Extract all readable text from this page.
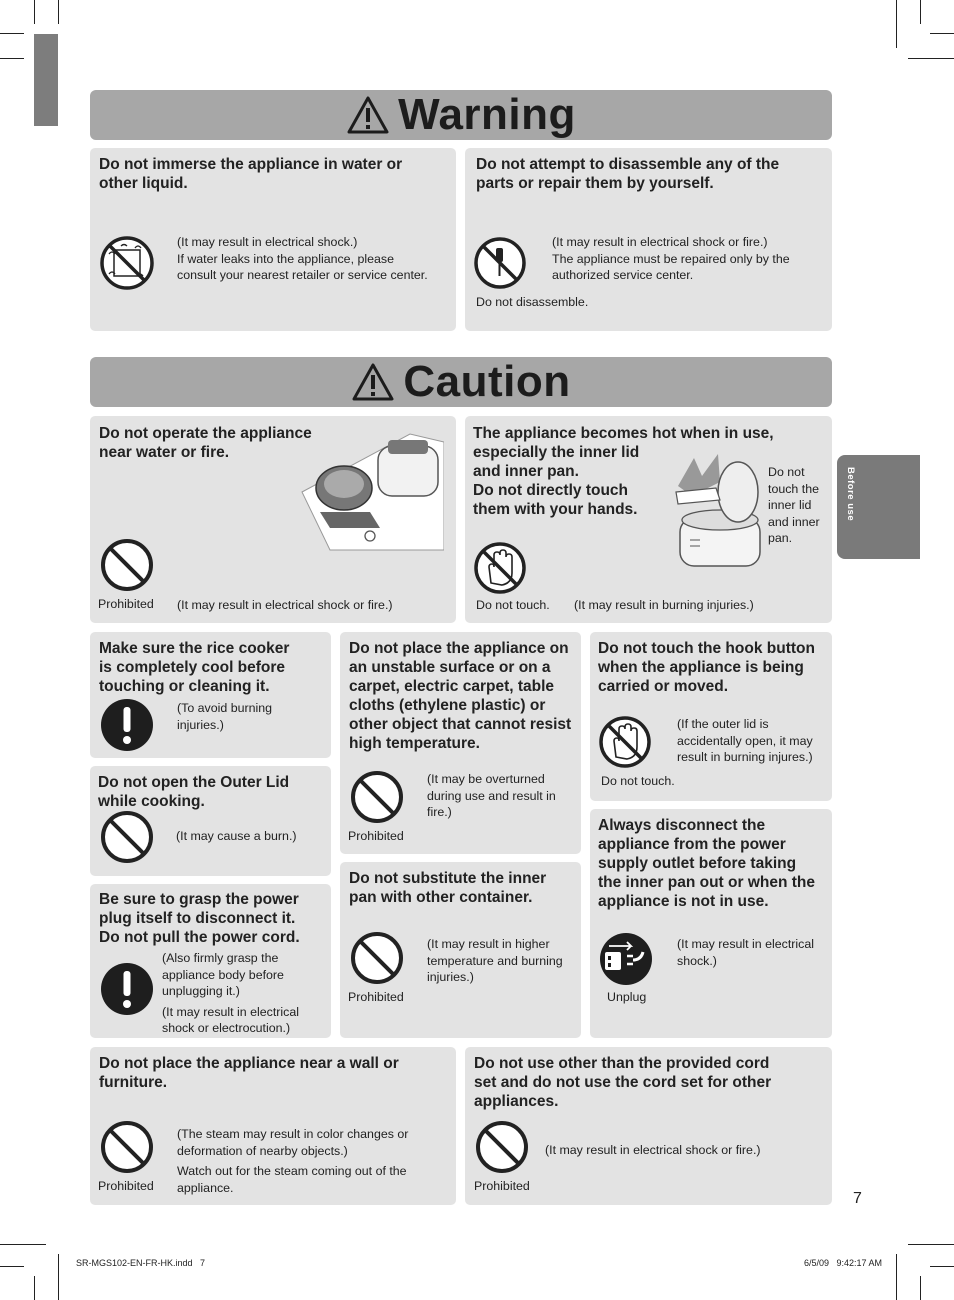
Before use
Warning
Do not immerse the appliance in water or
other liquid.
(It may result in electrical shock.)
If water leaks into the appliance, please
consult your nearest retailer or service center.
Do not attempt to disassemble any of the
parts or repair them by yourself.
(It may result in electrical shock or fire.)
The appliance must be repaired only by the
authorized service center.
Do not disassemble.
Caution
Do not operate the appliance
near water or fire.
Prohibited (It may result in electrical shock or fire.)
The appliance becomes hot when in use,
especially the inner lid
and inner pan.
Do not directly touch
them with your hands.
Do not
touch the
inner lid
and inner
pan.
Do not touch. (It may result in burning injuries.)
Make sure the rice cooker
is completely cool before
touching or cleaning it.
(To avoid burning
injuries.)
Do not open the Outer Lid
while cooking.
(It may cause a burn.)
Be sure to grasp the power
plug itself to disconnect it.
Do not pull the power cord.
(Also firmly grasp the
appliance body before
unplugging it.)
(It may result in electrical
shock or electrocution.)
Do not place the appliance on
an unstable surface or on a
carpet, electric carpet, table
cloths (ethylene plastic) or
other object that cannot resist
high temperature.
(It may be overturned
during use and result in
fire.)
Prohibited
Do not substitute the inner
pan with other container.
(It may result in higher
temperature and burning
injuries.)
Prohibited
Do not touch the hook button
when the appliance is being
carried or moved.
(If the outer lid is
accidentally open, it may
result in burning injures.)
Do not touch.
Always disconnect the
appliance from the power
supply outlet before taking
the inner pan out or when the
appliance is not in use.
(It may result in electrical
shock.)
Unplug
Do not place the appliance near a wall or
furniture.
(The steam may result in color changes or
deformation of nearby objects.)
Watch out for the steam coming out of the
appliance.
Prohibited
Do not use other than the provided cord
set and do not use the cord set for other
appliances.
(It may result in electrical shock or fire.)
Prohibited
7
SR-MGS102-EN-FR-HK.indd   7	6/5/09   9:42:17 AM
